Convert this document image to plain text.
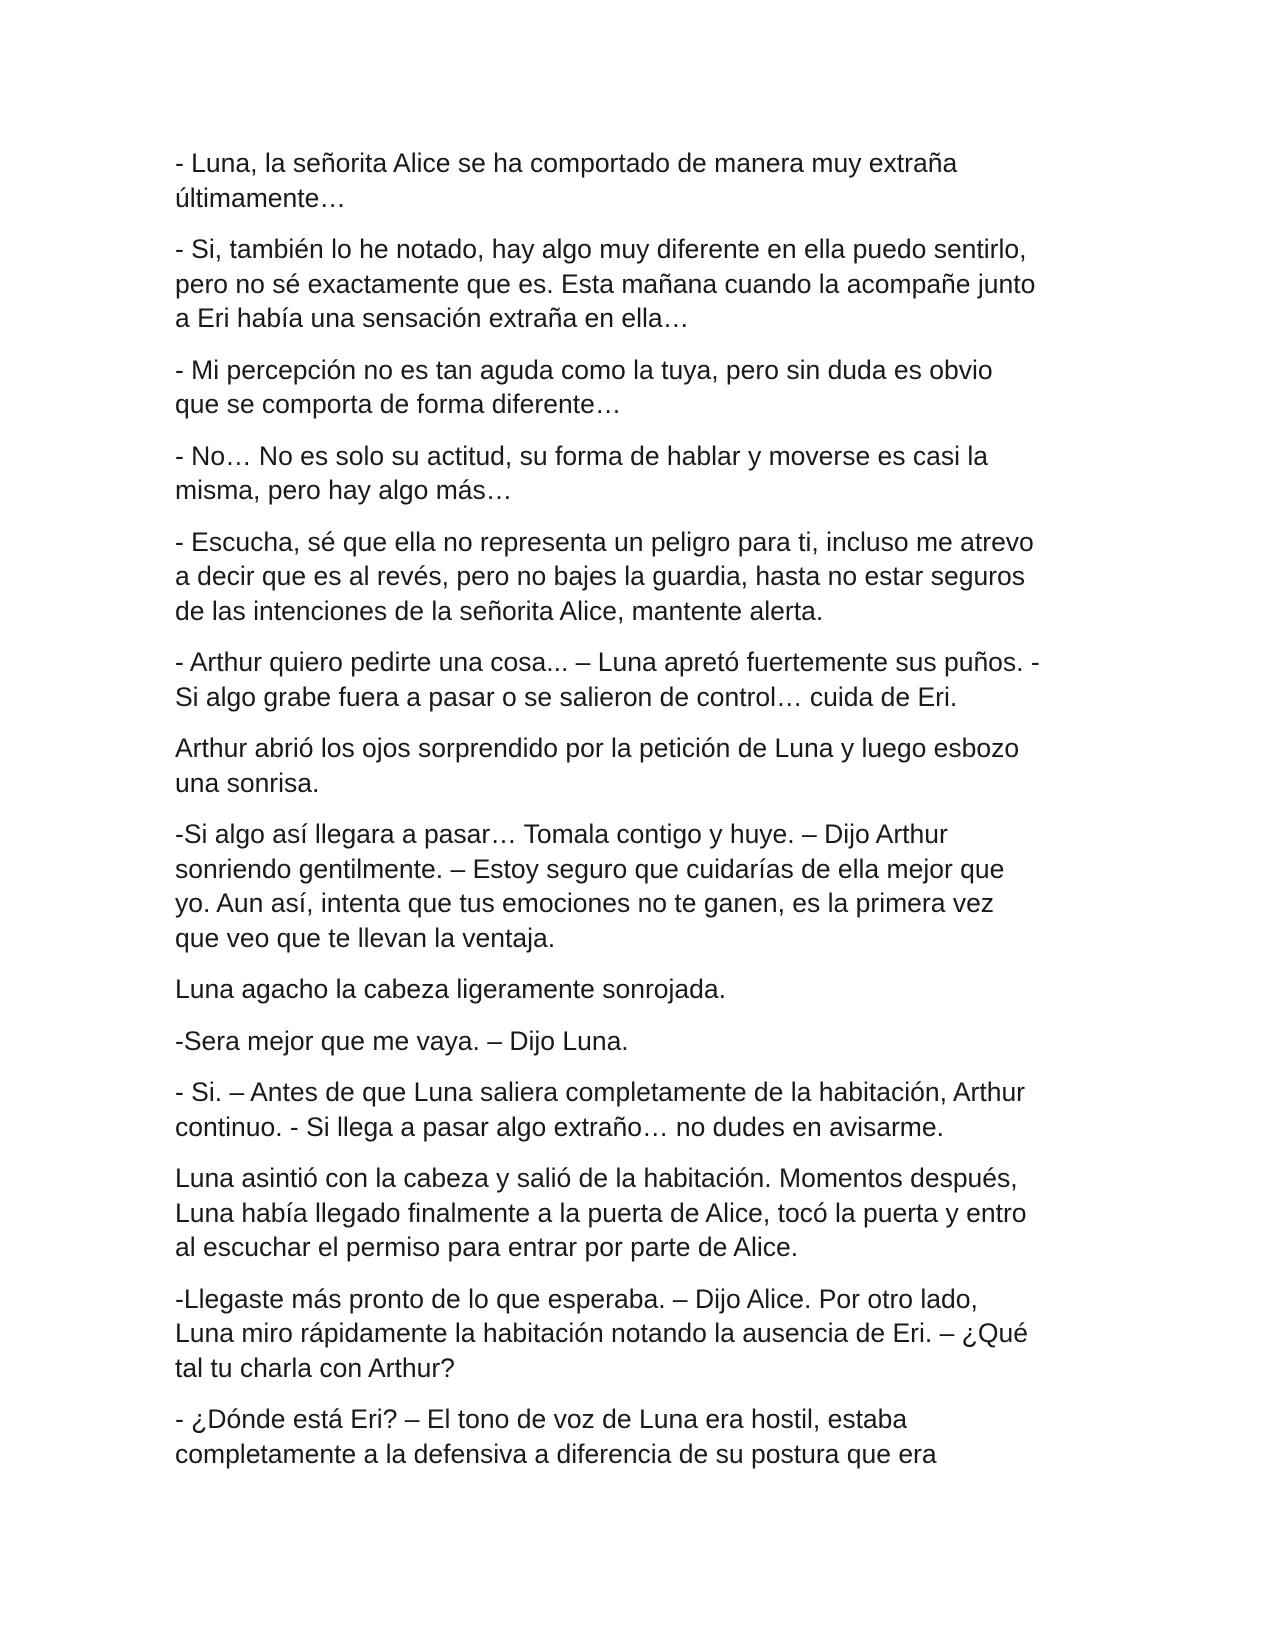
- Luna, la señorita Alice se ha comportado de manera muy extraña
últimamente…

- Si, también lo he notado, hay algo muy diferente en ella puedo sentirlo,
pero no sé exactamente que es. Esta mañana cuando la acompañe junto
a Eri había una sensación extraña en ella…

- Mi percepción no es tan aguda como la tuya, pero sin duda es obvio
que se comporta de forma diferente…

- No… No es solo su actitud, su forma de hablar y moverse es casi la
misma, pero hay algo más…

- Escucha, sé que ella no representa un peligro para ti, incluso me atrevo
a decir que es al revés, pero no bajes la guardia, hasta no estar seguros
de las intenciones de la señorita Alice, mantente alerta.

- Arthur quiero pedirte una cosa... – Luna apretó fuertemente sus puños. -
Si algo grabe fuera a pasar o se salieron de control… cuida de Eri.

Arthur abrió los ojos sorprendido por la petición de Luna y luego esbozo
una sonrisa.

-Si algo así llegara a pasar… Tomala contigo y huye. – Dijo Arthur
sonriendo gentilmente. – Estoy seguro que cuidarías de ella mejor que
yo. Aun así, intenta que tus emociones no te ganen, es la primera vez
que veo que te llevan la ventaja.

Luna agacho la cabeza ligeramente sonrojada.

-Sera mejor que me vaya. – Dijo Luna.

- Si. – Antes de que Luna saliera completamente de la habitación, Arthur
continuo. - Si llega a pasar algo extraño… no dudes en avisarme.

Luna asintió con la cabeza y salió de la habitación. Momentos después,
Luna había llegado finalmente a la puerta de Alice, tocó la puerta y entro
al escuchar el permiso para entrar por parte de Alice.

-Llegaste más pronto de lo que esperaba. – Dijo Alice. Por otro lado,
Luna miro rápidamente la habitación notando la ausencia de Eri. – ¿Qué
tal tu charla con Arthur?

- ¿Dónde está Eri? – El tono de voz de Luna era hostil, estaba
completamente a la defensiva a diferencia de su postura que era
